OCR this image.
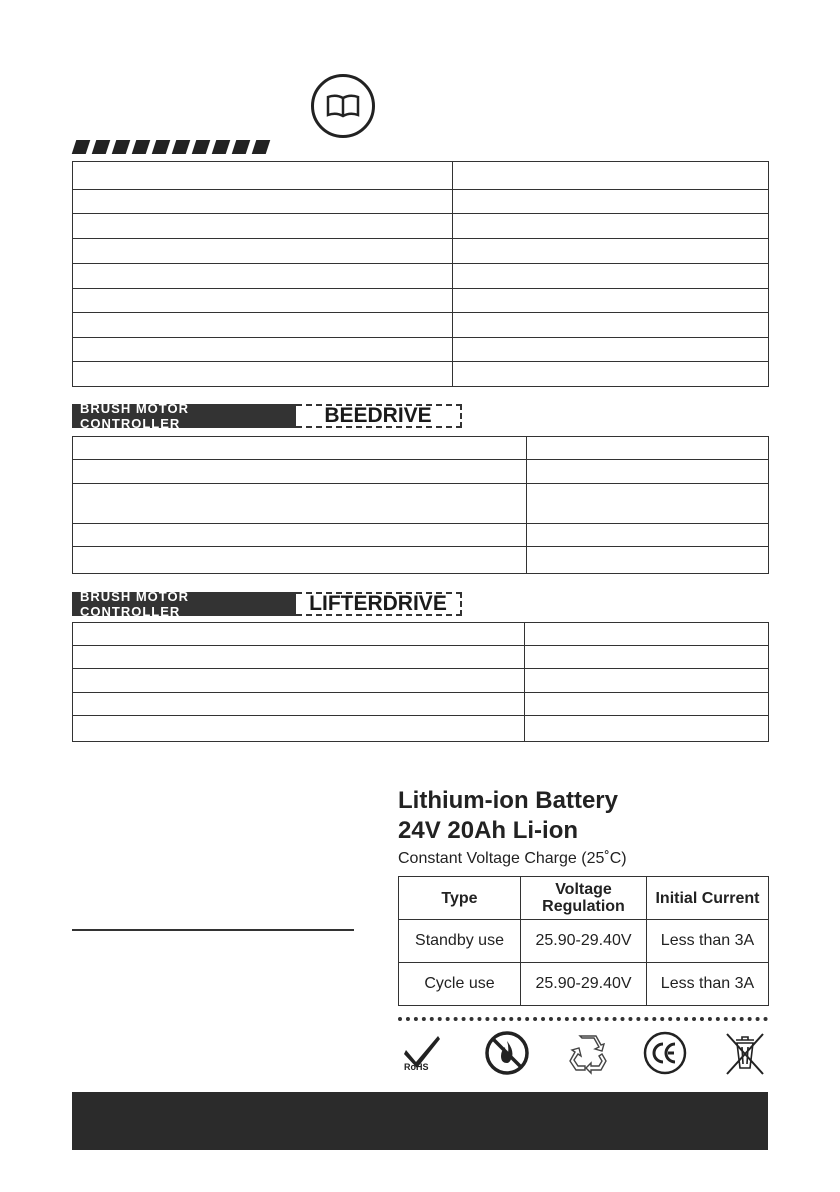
BRUSH MOTOR CONTROLLER	BEEDRIVE

BRUSH MOTOR CONTROLLER	LIFTERDRIVE

Lithium-ion Battery
24V 20Ah Li-ion
Constant Voltage Charge (25˚C)
Type	Voltage Regulation	Initial Current
Standby use	25.90-29.40V	Less than 3A
Cycle use	25.90-29.40V	Less than 3A
RoHS
